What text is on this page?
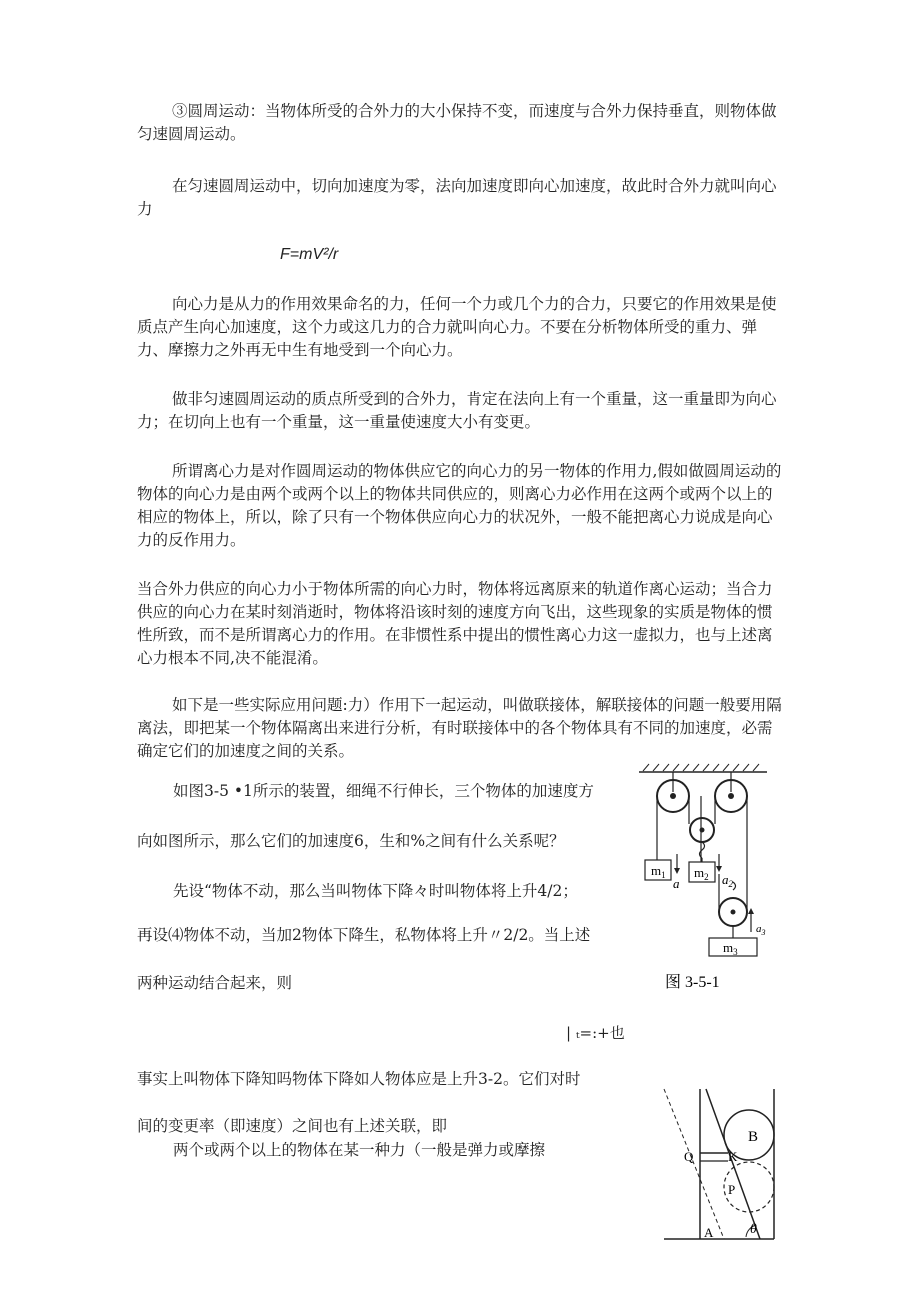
③圆周运动：当物体所受的合外力的大小保持不变，而速度与合外力保持垂直，则物体做匀速圆周运动。
在匀速圆周运动中，切向加速度为零，法向加速度即向心加速度，故此时合外力就叫向心力
F=mV²/r
向心力是从力的作用效果命名的力，任何一个力或几个力的合力，只要它的作用效果是使质点产生向心加速度，这个力或这几力的合力就叫向心力。不要在分析物体所受的重力、弹力、摩擦力之外再无中生有地受到一个向心力。
做非匀速圆周运动的质点所受到的合外力，肯定在法向上有一个重量，这一重量即为向心力；在切向上也有一个重量，这一重量使速度大小有变更。
所谓离心力是对作圆周运动的物体供应它的向心力的另一物体的作用力,假如做圆周运动的物体的向心力是由两个或两个以上的物体共同供应的，则离心力必作用在这两个或两个以上的相应的物体上，所以，除了只有一个物体供应向心力的状况外，一般不能把离心力说成是向心力的反作用力。
当合外力供应的向心力小于物体所需的向心力时，物体将远离原来的轨道作离心运动；当合力供应的向心力在某时刻消逝时，物体将沿该时刻的速度方向飞出，这些现象的实质是物体的惯性所致，而不是所谓离心力的作用。在非惯性系中提出的惯性离心力这一虚拟力，也与上述离心力根本不同,决不能混淆。
如下是一些实际应用问题:力）作用下一起运动，叫做联接体，解联接体的问题一般要用隔离法，即把某一个物体隔离出来进行分析，有时联接体中的各个物体具有不同的加速度，必需确定它们的加速度之间的关系。
如图3-5 •1所示的装置，细绳不行伸长，三个物体的加速度方
向如图所示，那么它们的加速度6，生和%之间有什么关系呢？
先设“物体不动，那么当叫物体下降々时叫物体将上升4/2；
再设⑷物体不动，当加2物体下降生，私物体将上升〃2/2。当上述
两种运动结合起来，则
| ₜ=:+也
事实上叫物体下降知吗物体下降如人物体应是上升3-2。它们对时
间的变更率（即速度）之间也有上述关联，即
两个或两个以上的物体在某一种力（一般是弹力或摩擦
$m_1$ $m_2$
$m_3$
a	$a_2$
$a_3$
图 3-5-1
Q	K
B
P
A	θ
